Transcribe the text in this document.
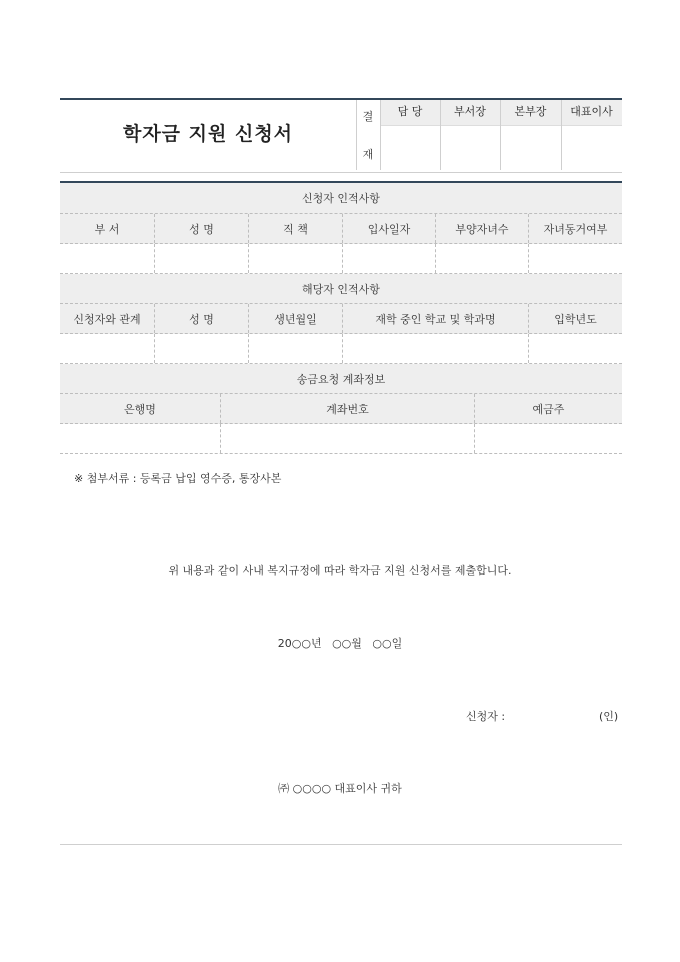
학자금 지원 신청서
결
재
담 당	부서장	본부장	대표이사
신청자 인적사항
부 서	성 명	직 책	입사일자	부양자녀수	자녀동거여부
해당자 인적사항
신청자와 관계	성 명	생년월일	재학 중인 학교 및 학과명	입학년도
송금요청 계좌정보
은행명	계좌번호	예금주
※ 첨부서류 : 등록금 납입 영수증, 통장사본
위 내용과 같이 사내 복지규정에 따라 학자금 지원 신청서를 제출합니다.
20○○년   ○○월   ○○일
신청자 :	(인)
㈜ ○○○○ 대표이사 귀하
